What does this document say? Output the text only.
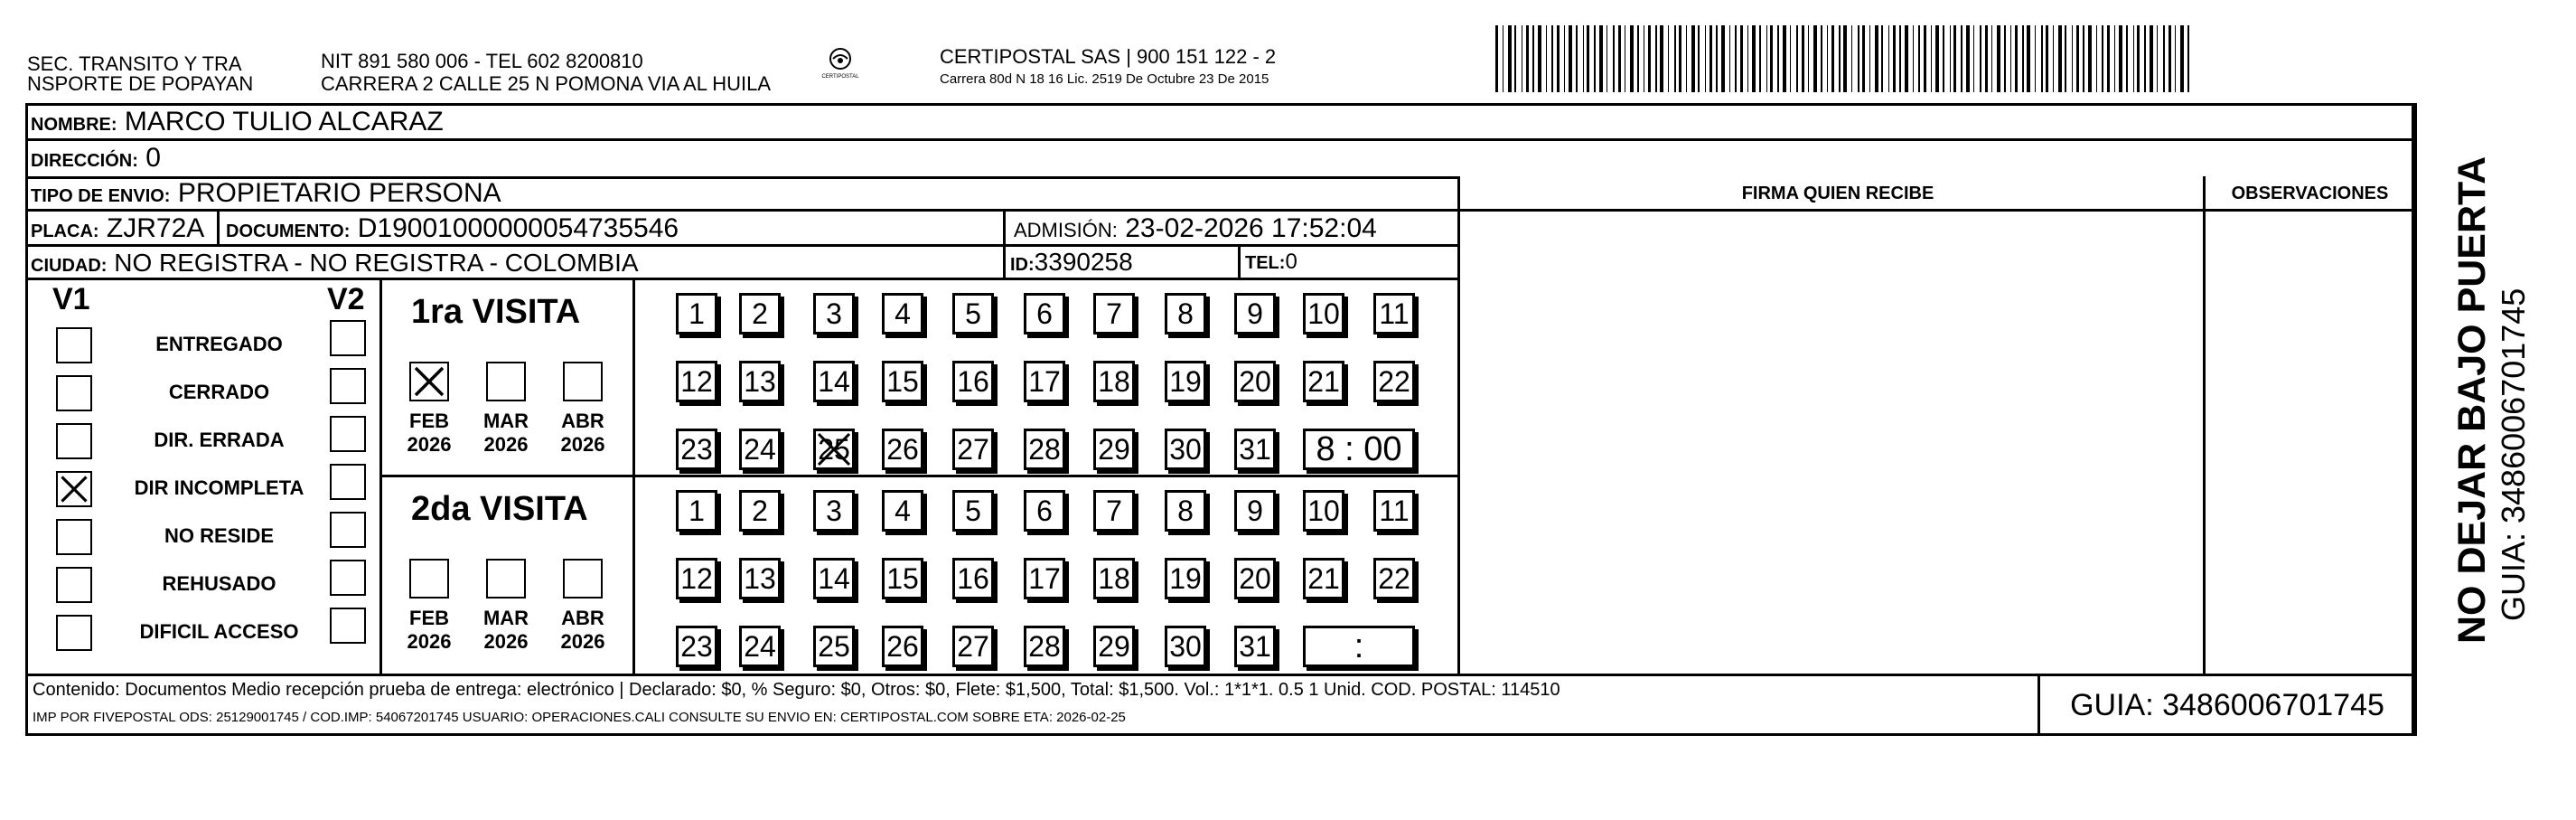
SEC. TRANSITO Y TRA
NSPORTE DE POPAYAN
NIT 891 580 006 - TEL 602 8200810
CARRERA 2 CALLE 25 N POMONA VIA AL HUILA	CERTIPOSTAL
CERTIPOSTAL SAS | 900 151 122 - 2
Carrera 80d N 18 16 Lic. 2519 De Octubre 23 De 2015
NOMBRE: MARCO TULIO ALCARAZ
DIRECCIÓN: 0
TIPO DE ENVIO: PROPIETARIO PERSONA	FIRMA QUIEN RECIBE	OBSERVACIONES
PLACA: ZJR72A DOCUMENTO: D19001000000054735546	ADMISIÓN: 23-02-2026 17:52:04
CIUDAD: NO REGISTRA - NO REGISTRA - COLOMBIA	ID:3390258	TEL:0
V1	V2
ENTREGADO
CERRADO
DIR. ERRADA
DIR INCOMPLETA
NO RESIDE
REHUSADO
DIFICIL ACCESO
1ra VISITA
FEB
2026
MAR
2026
ABR
2026
1	2	3	4	5	6	7	8	9	10 11
12 13 14 15 16 17 18 19 20 21 22
23 24 25 26 27 28 29 30 31	8 : 00
2da VISITA
FEB
2026
MAR
2026
ABR
2026
1	2	3	4	5	6	7	8	9	10 11
12 13 14 15 16 17 18 19 20 21 22
23 24 25 26 27 28 29 30 31	:
Contenido: Documentos Medio recepción prueba de entrega: electrónico | Declarado: $0, % Seguro: $0, Otros: $0, Flete: $1,500, Total: $1,500. Vol.: 1*1*1. 0.5 1 Unid. COD. POSTAL: 114510
IMP POR FIVEPOSTAL ODS: 25129001745 / COD.IMP: 54067201745 USUARIO: OPERACIONES.CALI CONSULTE SU ENVIO EN: CERTIPOSTAL.COM SOBRE ETA: 2026-02-25	GUIA: 3486006701745
NO DEJAR BAJO PUERTA GUIA: 3486006701745
